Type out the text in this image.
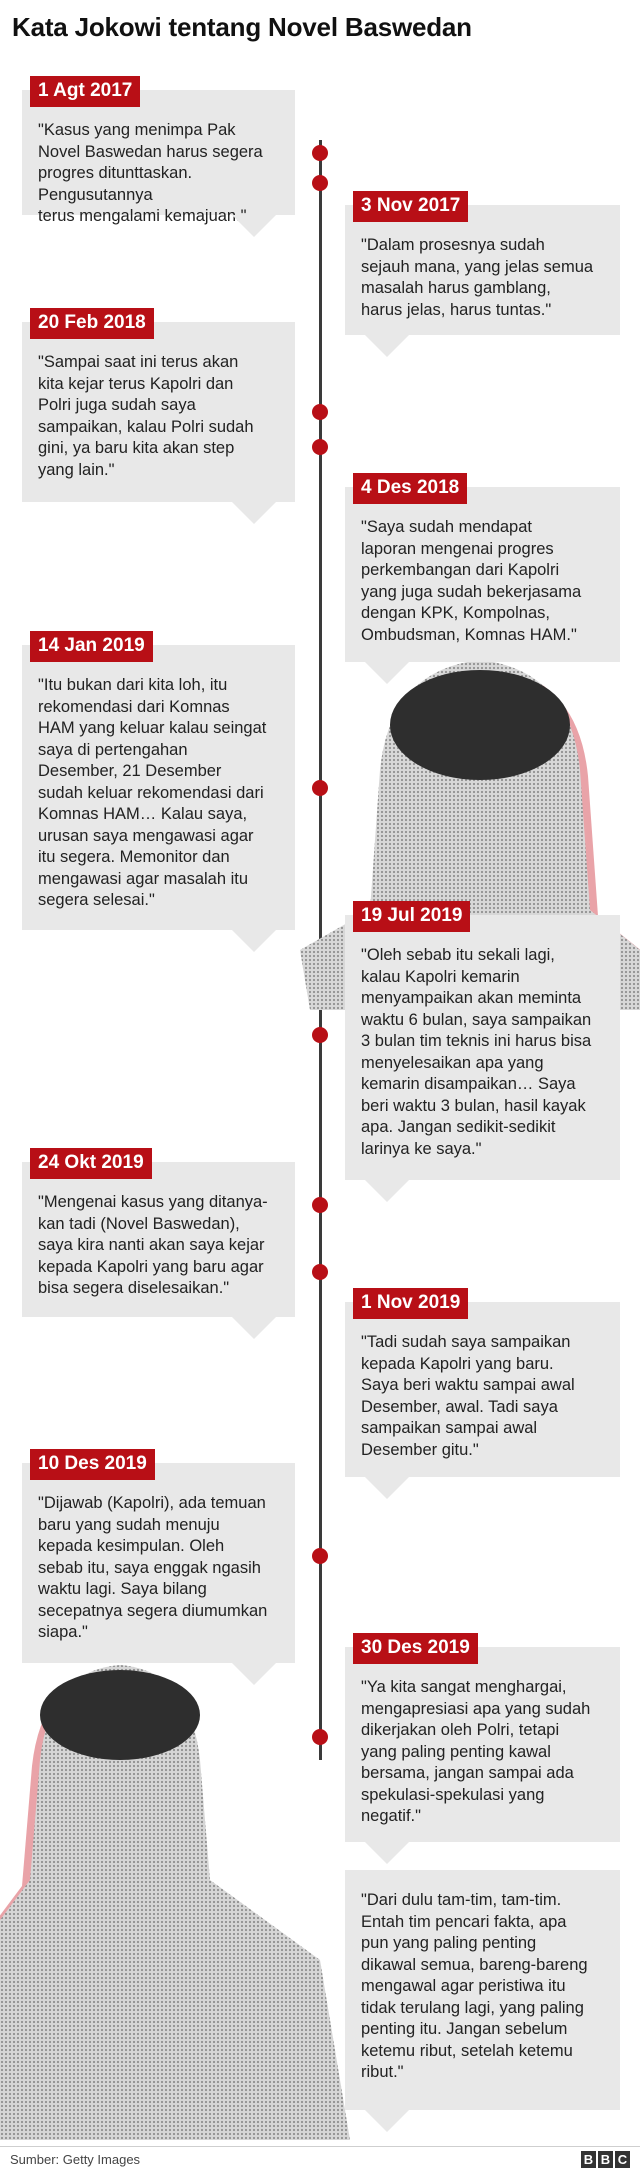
Kata Jokowi tentang Novel Baswedan
1 Agt 2017
"Kasus yang menimpa Pak
Novel Baswedan harus segera
progres ditunttaskan. Pengusutannya
terus mengalami kemajuan."	3 Nov 2017
"Dalam prosesnya sudah
sejauh mana, yang jelas semua
masalah harus gamblang,
harus jelas, harus tuntas."
20 Feb 2018
"Sampai saat ini terus akan
kita kejar terus Kapolri dan
Polri juga sudah saya
sampaikan, kalau Polri sudah
gini, ya baru kita akan step
yang lain."
4 Des 2018
"Saya sudah mendapat
laporan mengenai progres
perkembangan dari Kapolri
yang juga sudah bekerjasama
dengan KPK, Kompolnas,
Ombudsman, Komnas HAM."
14 Jan 2019
"Itu bukan dari kita loh, itu
rekomendasi dari Komnas
HAM yang keluar kalau seingat
saya di pertengahan
Desember, 21 Desember
sudah keluar rekomendasi dari
Komnas HAM… Kalau saya,
urusan saya mengawasi agar
itu segera. Memonitor dan
mengawasi agar masalah itu
segera selesai."
19 Jul 2019
"Oleh sebab itu sekali lagi,
kalau Kapolri kemarin
menyampaikan akan meminta
waktu 6 bulan, saya sampaikan
3 bulan tim teknis ini harus bisa
menyelesaikan apa yang
kemarin disampaikan… Saya
beri waktu 3 bulan, hasil kayak
apa. Jangan sedikit-sedikit
larinya ke saya."
24 Okt 2019
"Mengenai kasus yang ditanya-
kan tadi (Novel Baswedan),
saya kira nanti akan saya kejar
kepada Kapolri yang baru agar
bisa segera diselesaikan."
1 Nov 2019
"Tadi sudah saya sampaikan
kepada Kapolri yang baru.
Saya beri waktu sampai awal
Desember, awal. Tadi saya
sampaikan sampai awal
Desember gitu."
10 Des 2019
"Dijawab (Kapolri), ada temuan
baru yang sudah menuju
kepada kesimpulan. Oleh
sebab itu, saya enggak ngasih
waktu lagi. Saya bilang
secepatnya segera diumumkan
siapa."
30 Des 2019
"Ya kita sangat menghargai,
mengapresiasi apa yang sudah
dikerjakan oleh Polri, tetapi
yang paling penting kawal
bersama, jangan sampai ada
spekulasi-spekulasi yang
negatif."
"Dari dulu tam-tim, tam-tim.
Entah tim pencari fakta, apa
pun yang paling penting
dikawal semua, bareng-bareng
mengawal agar peristiwa itu
tidak terulang lagi, yang paling
penting itu. Jangan sebelum
ketemu ribut, setelah ketemu
ribut."
Sumber: Getty Images	B B C
